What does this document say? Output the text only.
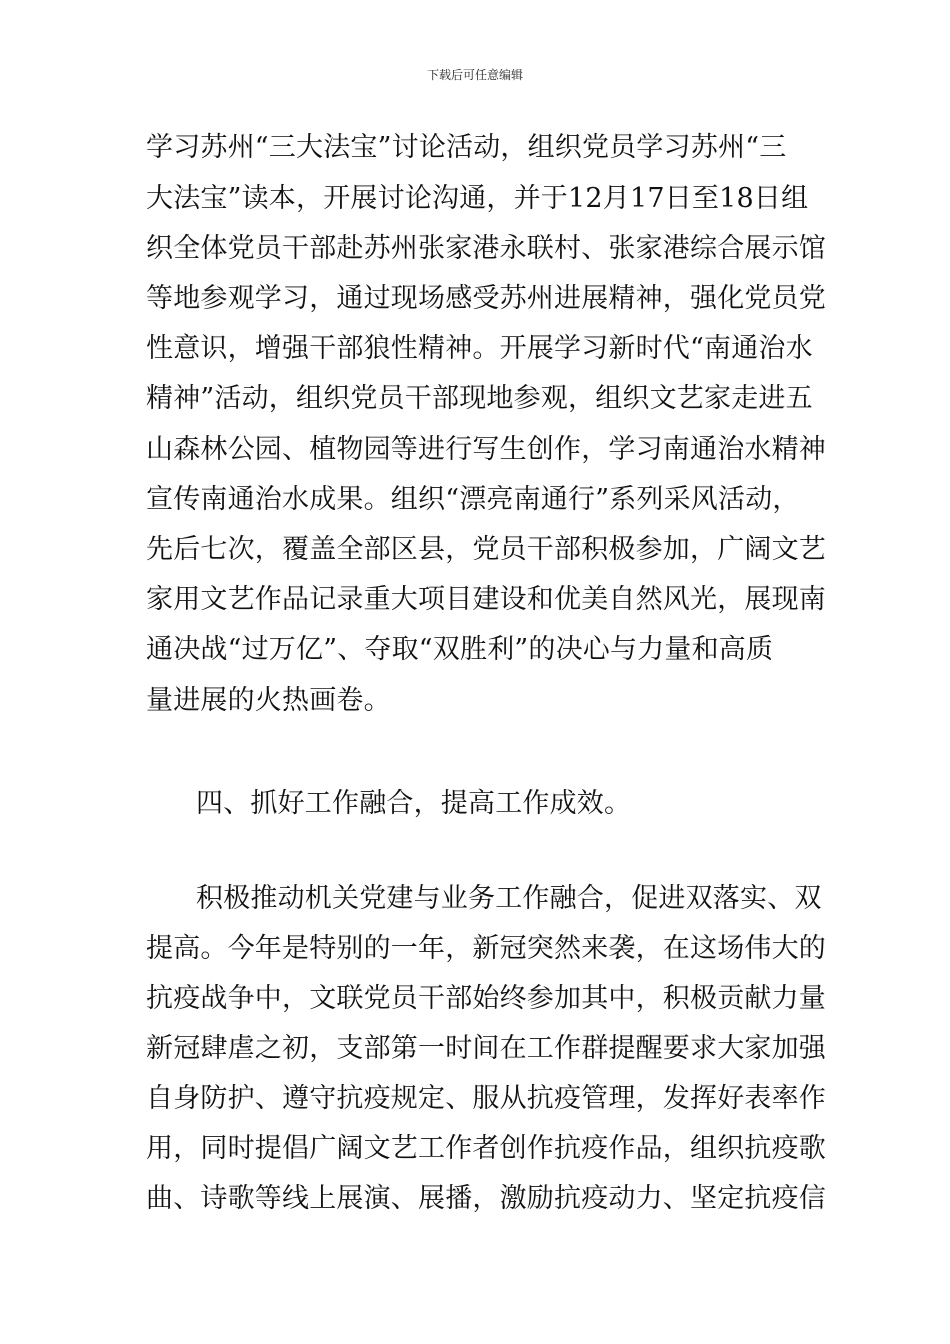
下载后可任意编辑
学习苏州“三大法宝”讨论活动，组织党员学习苏州“三
大法宝”读本，开展讨论沟通，并于12月17日至18日组
织全体党员干部赴苏州张家港永联村、张家港综合展示馆
等地参观学习，通过现场感受苏州进展精神，强化党员党
性意识，增强干部狼性精神。开展学习新时代“南通治水
精神”活动，组织党员干部现地参观，组织文艺家走进五
山森林公园、植物园等进行写生创作，学习南通治水精神
宣传南通治水成果。组织“漂亮南通行”系列采风活动，
先后七次，覆盖全部区县，党员干部积极参加，广阔文艺
家用文艺作品记录重大项目建设和优美自然风光，展现南
通决战“过万亿”、夺取“双胜利”的决心与力量和高质
量进展的火热画卷。
四、抓好工作融合，提高工作成效。
积极推动机关党建与业务工作融合，促进双落实、双
提高。今年是特别的一年，新冠突然来袭，在这场伟大的
抗疫战争中，文联党员干部始终参加其中，积极贡献力量
新冠肆虐之初，支部第一时间在工作群提醒要求大家加强
自身防护、遵守抗疫规定、服从抗疫管理，发挥好表率作
用，同时提倡广阔文艺工作者创作抗疫作品，组织抗疫歌
曲、诗歌等线上展演、展播，激励抗疫动力、坚定抗疫信
